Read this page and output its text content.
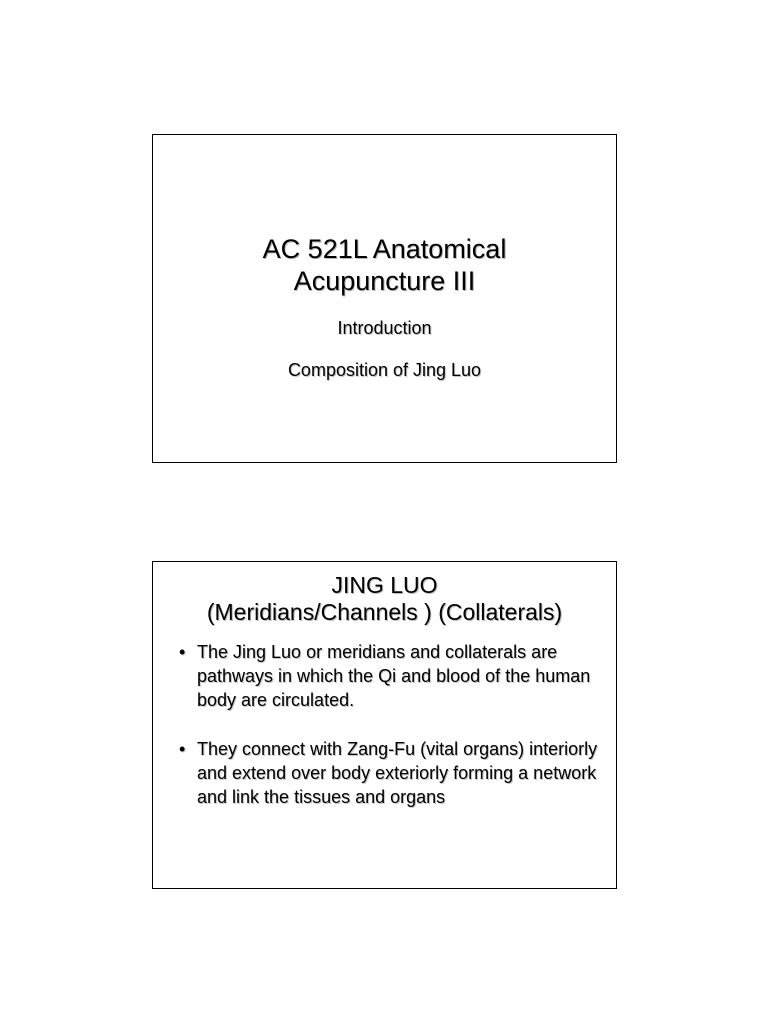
AC 521L Anatomical
Acupuncture III
Introduction
Composition of Jing Luo
JING LUO
(Meridians/Channels ) (Collaterals)
• The Jing Luo or meridians and collaterals are pathways in which the Qi and blood of the human body are circulated.
• They connect with Zang-Fu (vital organs) interiorly and extend over body exteriorly forming a network and link the tissues and organs
